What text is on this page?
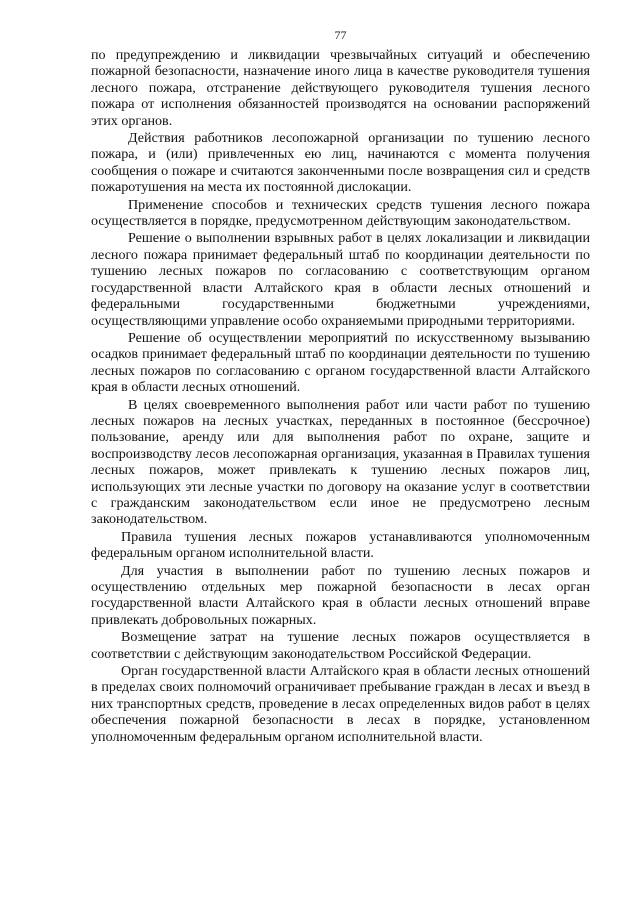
77

по предупреждению и ликвидации чрезвычайных ситуаций и обеспечению пожарной безопасности, назначение иного лица в качестве руководителя тушения лесного пожара, отстранение действующего руководителя тушения лесного пожара от исполнения обязанностей производятся на основании распоряжений этих органов.

Действия работников лесопожарной организации по тушению лесного пожара, и (или) привлеченных ею лиц, начинаются с момента получения сообщения о пожаре и считаются законченными после возвращения сил и средств пожаротушения на места их постоянной дислокации.

Применение способов и технических средств тушения лесного пожара осуществляется в порядке, предусмотренном действующим законодательством.

Решение о выполнении взрывных работ в целях локализации и ликвидации лесного пожара принимает федеральный штаб по координации деятельности по тушению лесных пожаров по согласованию с соответствующим органом государственной власти Алтайского края в области лесных отношений и федеральными государственными бюджетными учреждениями, осуществляющими управление особо охраняемыми природными территориями.

Решение об осуществлении мероприятий по искусственному вызыванию осадков принимает федеральный штаб по координации деятельности по тушению лесных пожаров по согласованию с органом государственной власти Алтайского края в области лесных отношений.

В целях своевременного выполнения работ или части работ по тушению лесных пожаров на лесных участках, переданных в постоянное (бессрочное) пользование, аренду или для выполнения работ по охране, защите и воспроизводству лесов лесопожарная организация, указанная в Правилах тушения лесных пожаров, может привлекать к тушению лесных пожаров лиц, использующих эти лесные участки по договору на оказание услуг в соответствии с гражданским законодательством если иное не предусмотрено лесным законодательством.

Правила тушения лесных пожаров устанавливаются уполномоченным федеральным органом исполнительной власти.

Для участия в выполнении работ по тушению лесных пожаров и осуществлению отдельных мер пожарной безопасности в лесах орган государственной власти Алтайского края в области лесных отношений вправе привлекать добровольных пожарных.

Возмещение затрат на тушение лесных пожаров осуществляется в соответствии с действующим законодательством Российской Федерации.

Орган государственной власти Алтайского края в области лесных отношений в пределах своих полномочий ограничивает пребывание граждан в лесах и въезд в них транспортных средств, проведение в лесах определенных видов работ в целях обеспечения пожарной безопасности в лесах в порядке, установленном уполномоченным федеральным органом исполнительной власти.
